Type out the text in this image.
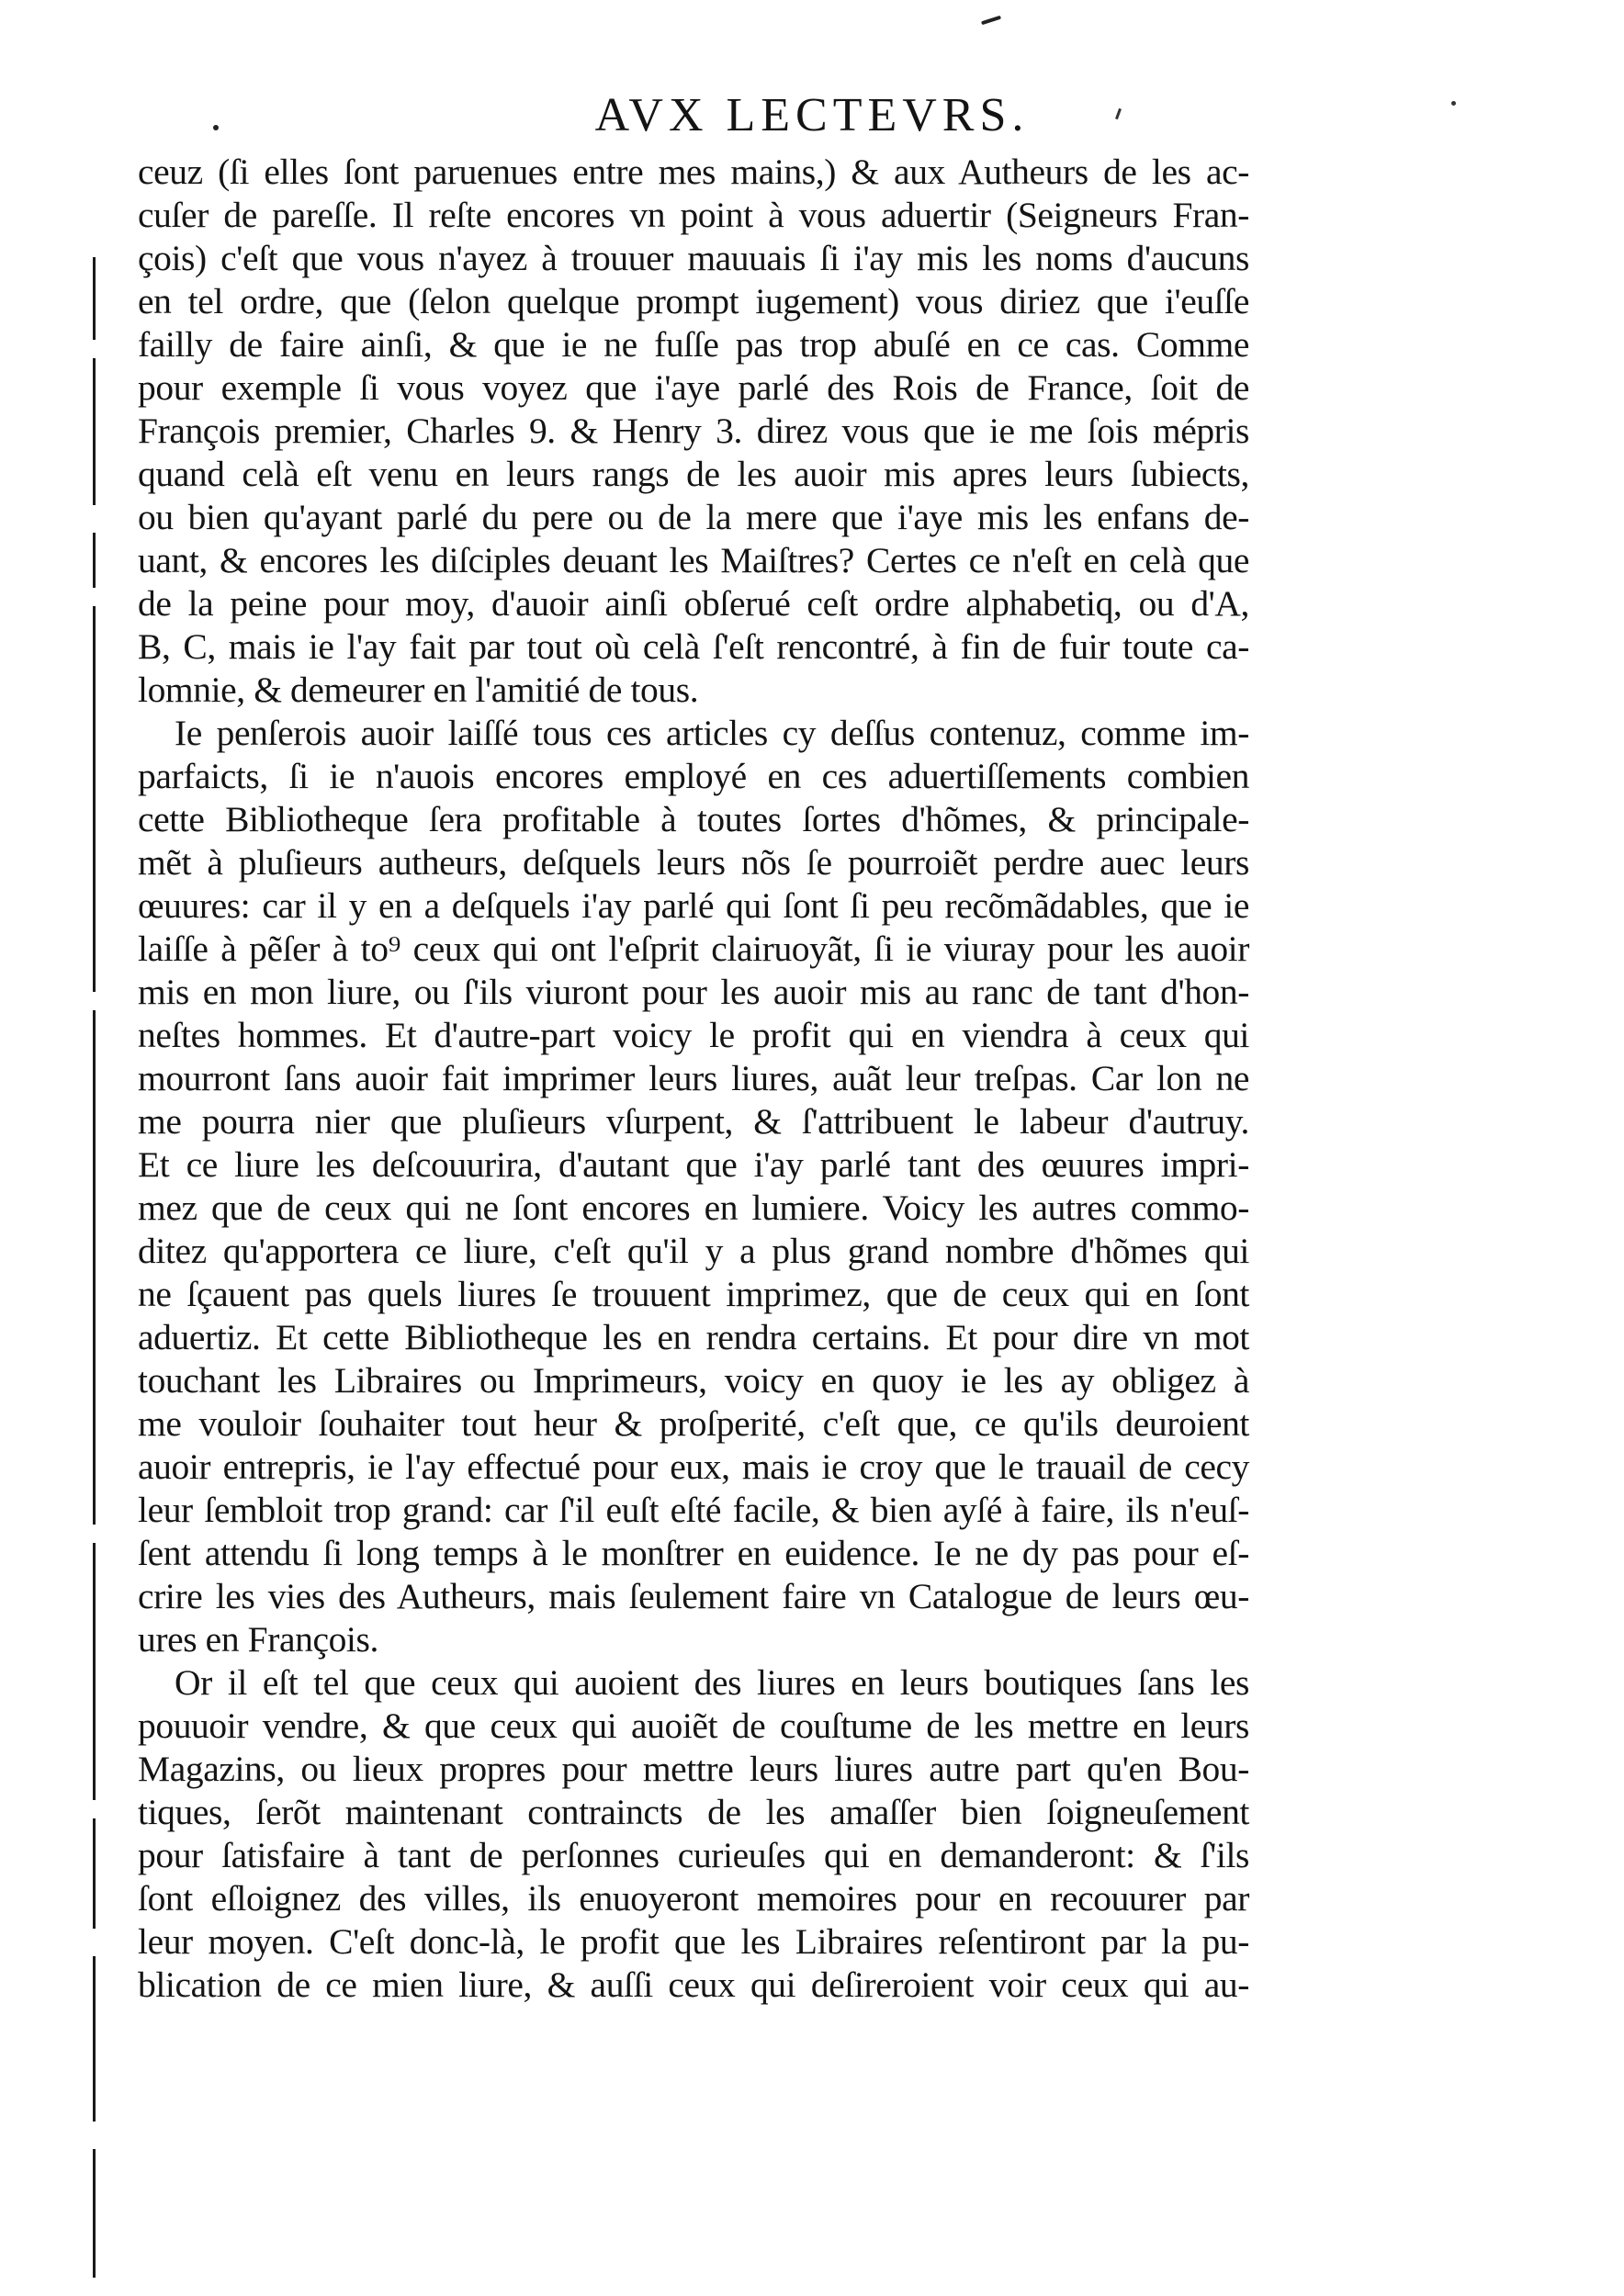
AVX LECTEVRS.
ceuz (ſi elles ſont paruenues entre mes mains,) & aux Autheurs de les ac-
cuſer de pareſſe. Il reſte encores vn point à vous aduertir (Seigneurs Fran-
çois) c'eſt que vous n'ayez à trouuer mauuais ſi i'ay mis les noms d'aucuns
en tel ordre, que (ſelon quelque prompt iugement) vous diriez que i'euſſe
failly de faire ainſi, & que ie ne fuſſe pas trop abuſé en ce cas. Comme
pour exemple ſi vous voyez que i'aye parlé des Rois de France, ſoit de
François premier, Charles 9. & Henry 3. direz vous que ie me ſois mépris
quand celà eſt venu en leurs rangs de les auoir mis apres leurs ſubiects,
ou bien qu'ayant parlé du pere ou de la mere que i'aye mis les enfans de-
uant, & encores les diſciples deuant les Maiſtres? Certes ce n'eſt en celà que
de la peine pour moy, d'auoir ainſi obſerué ceſt ordre alphabetiq, ou d'A,
B, C, mais ie l'ay fait par tout où celà ſ'eſt rencontré, à fin de fuir toute ca-
lomnie, & demeurer en l'amitié de tous.
Ie penſerois auoir laiſſé tous ces articles cy deſſus contenuz, comme im-
parfaicts, ſi ie n'auois encores employé en ces aduertiſſements combien
cette Bibliotheque ſera profitable à toutes ſortes d'hõmes, & principale-
mẽt à pluſieurs autheurs, deſquels leurs nõs ſe pourroiẽt perdre auec leurs
œuures: car il y en a deſquels i'ay parlé qui ſont ſi peu recõmãdables, que ie
laiſſe à pẽſer à to⁹ ceux qui ont l'eſprit clairuoyãt, ſi ie viuray pour les auoir
mis en mon liure, ou ſ'ils viuront pour les auoir mis au ranc de tant d'hon-
neſtes hommes. Et d'autre-part voicy le profit qui en viendra à ceux qui
mourront ſans auoir fait imprimer leurs liures, auãt leur treſpas. Car lon ne
me pourra nier que pluſieurs vſurpent, & ſ'attribuent le labeur d'autruy.
Et ce liure les deſcouurira, d'autant que i'ay parlé tant des œuures impri-
mez que de ceux qui ne ſont encores en lumiere. Voicy les autres commo-
ditez qu'apportera ce liure, c'eſt qu'il y a plus grand nombre d'hõmes qui
ne ſçauent pas quels liures ſe trouuent imprimez, que de ceux qui en ſont
aduertiz. Et cette Bibliotheque les en rendra certains. Et pour dire vn mot
touchant les Libraires ou Imprimeurs, voicy en quoy ie les ay obligez à
me vouloir ſouhaiter tout heur & proſperité, c'eſt que, ce qu'ils deuroient
auoir entrepris, ie l'ay effectué pour eux, mais ie croy que le trauail de cecy
leur ſembloit trop grand: car ſ'il euſt eſté facile, & bien ayſé à faire, ils n'euſ-
ſent attendu ſi long temps à le monſtrer en euidence. Ie ne dy pas pour eſ-
crire les vies des Autheurs, mais ſeulement faire vn Catalogue de leurs œu-
ures en François.
Or il eſt tel que ceux qui auoient des liures en leurs boutiques ſans les
pouuoir vendre, & que ceux qui auoiẽt de couſtume de les mettre en leurs
Magazins, ou lieux propres pour mettre leurs liures autre part qu'en Bou-
tiques, ſerõt maintenant contraincts de les amaſſer bien ſoigneuſement
pour ſatisfaire à tant de perſonnes curieuſes qui en demanderont: & ſ'ils
ſont eſloignez des villes, ils enuoyeront memoires pour en recouurer par
leur moyen. C'eſt donc-là, le profit que les Libraires reſentiront par la pu-
blication de ce mien liure, & auſſi ceux qui deſireroient voir ceux qui au-
